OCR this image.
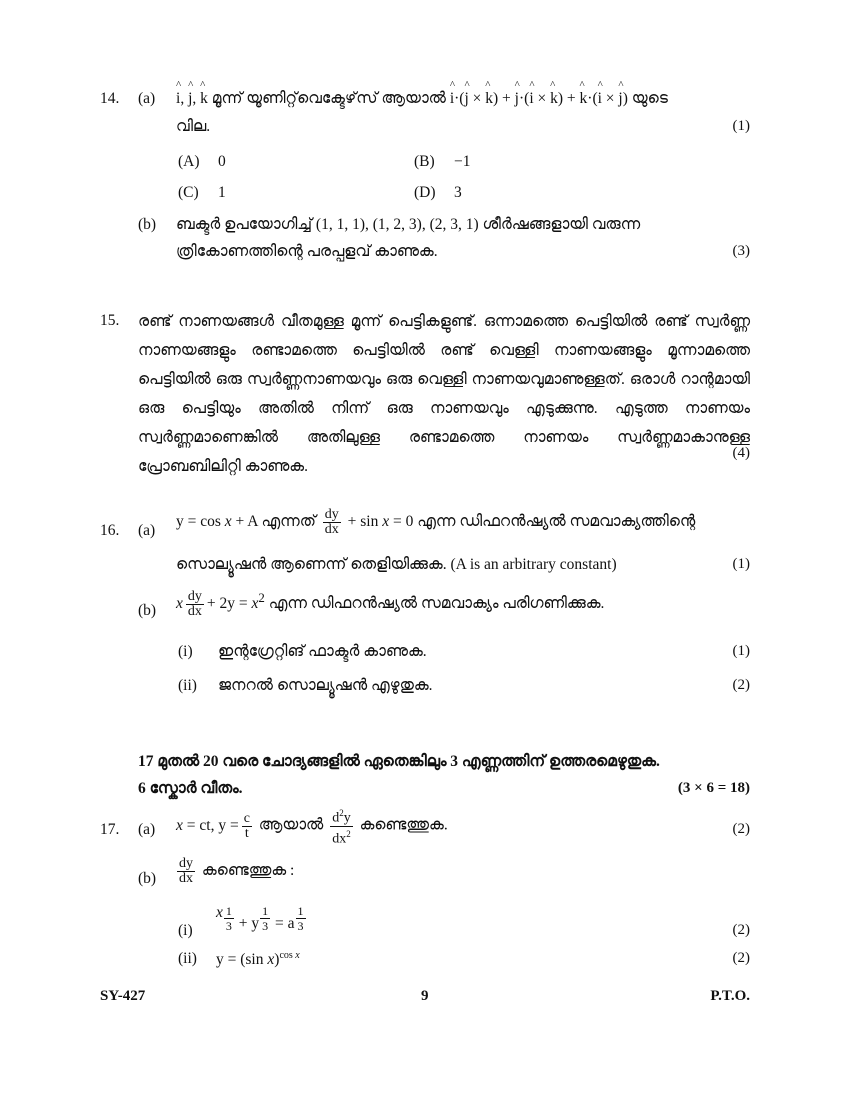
14. (a) ^ i, ^ j, ^ k മൂന്ന് യൂണിറ്റ്‌വെക്ടേഴ്‌സ് ആയാൽ ^ i·(^ j × ^ k) + ^ j·(^ i × ^ k) + ^ k·(^ i × ^ j) യുടെ
വില.	(1)
(A) 0	(B) −1
(C) 1	(D) 3
(b) ബക്ടർ ഉപയോഗിച്ച് (1, 1, 1), (1, 2, 3), (2, 3, 1) ശീർഷങ്ങളായി വരുന്ന
ത്രികോണത്തിന്റെ പരപ്പളവ് കാണുക.	(3)
15. രണ്ട് നാണയങ്ങൾ വീതമുള്ള മൂന്ന് പെട്ടികളുണ്ട്. ഒന്നാമത്തെ പെട്ടിയിൽ രണ്ട് സ്വർണ്ണ നാണയങ്ങളും രണ്ടാമത്തെ പെട്ടിയിൽ രണ്ട് വെള്ളി നാണയങ്ങളും മൂന്നാമത്തെ പെട്ടിയിൽ ഒരു സ്വർണ്ണനാണയവും ഒരു വെള്ളി നാണയവുമാണുള്ളത്. ഒരാൾ റാന്റമായി ഒരു പെട്ടിയും അതിൽ നിന്ന് ഒരു നാണയവും എടുക്കുന്നു. എടുത്ത നാണയം സ്വർണ്ണമാണെങ്കിൽ അതിലുള്ള രണ്ടാമത്തെ നാണയം സ്വർണ്ണമാകാനുള്ള പ്രോബബിലിറ്റി കാണുക.
(4)
16. (a)
y = cos x + A എന്നത് $\frac{dy}{dx} + \sin x = 0$ എന്ന ഡിഫറൻഷ്യൽ സമവാക്യത്തിന്റെ
സൊല്യൂഷൻ ആണെന്ന് തെളിയിക്കുക. (A is an arbitrary constant)	(1)
(b) x $\frac{dy}{dx} + 2y = x^2$ എന്ന ഡിഫറൻഷ്യൽ സമവാക്യം പരിഗണിക്കുക.
(i) ഇന്റഗ്രേറ്റിങ് ഫാക്ടർ കാണുക.	(1)
(ii) ജനറൽ സൊല്യൂഷൻ എഴുതുക.	(2)
17 മുതൽ 20 വരെ ചോദ്യങ്ങളിൽ ഏതെങ്കിലും 3 എണ്ണത്തിന് ഉത്തരമെഴുതുക.
6 സ്കോർ വീതം.	(3 × 6 = 18)
17. (a) x = ct, $y = \frac{c}{t}$ ആയാൽ $\frac{d^2y}{dx^2}$ കണ്ടെത്തുക.	(2)
$(b) \frac{dy}{dx}$ കണ്ടെത്തുക :
(i)
x $\frac{1}{3} + y \frac{1}{3} = a \frac{1}{3}$	(2)
(ii) y = (sin x)$^{cos x}$	(2)
SY-427	9	P.T.O.
